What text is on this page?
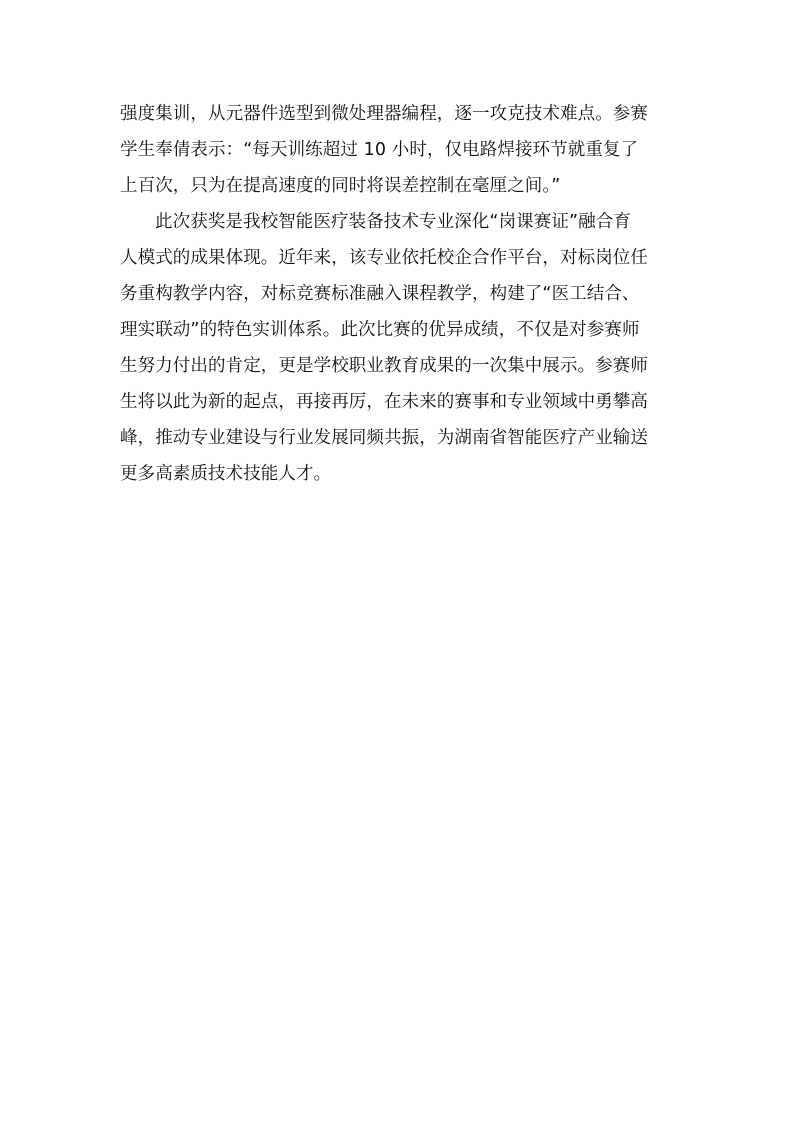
强度集训，从元器件选型到微处理器编程，逐一攻克技术难点。参赛
学生奉倩表示：“每天训练超过 10 小时，仅电路焊接环节就重复了
上百次，只为在提高速度的同时将误差控制在毫厘之间。”
此次获奖是我校智能医疗装备技术专业深化“岗课赛证”融合育
人模式的成果体现。近年来，该专业依托校企合作平台，对标岗位任
务重构教学内容，对标竞赛标准融入课程教学，构建了“医工结合、
理实联动”的特色实训体系。此次比赛的优异成绩，不仅是对参赛师
生努力付出的肯定，更是学校职业教育成果的一次集中展示。参赛师
生将以此为新的起点，再接再厉，在未来的赛事和专业领域中勇攀高
峰，推动专业建设与行业发展同频共振，为湖南省智能医疗产业输送
更多高素质技术技能人才。
